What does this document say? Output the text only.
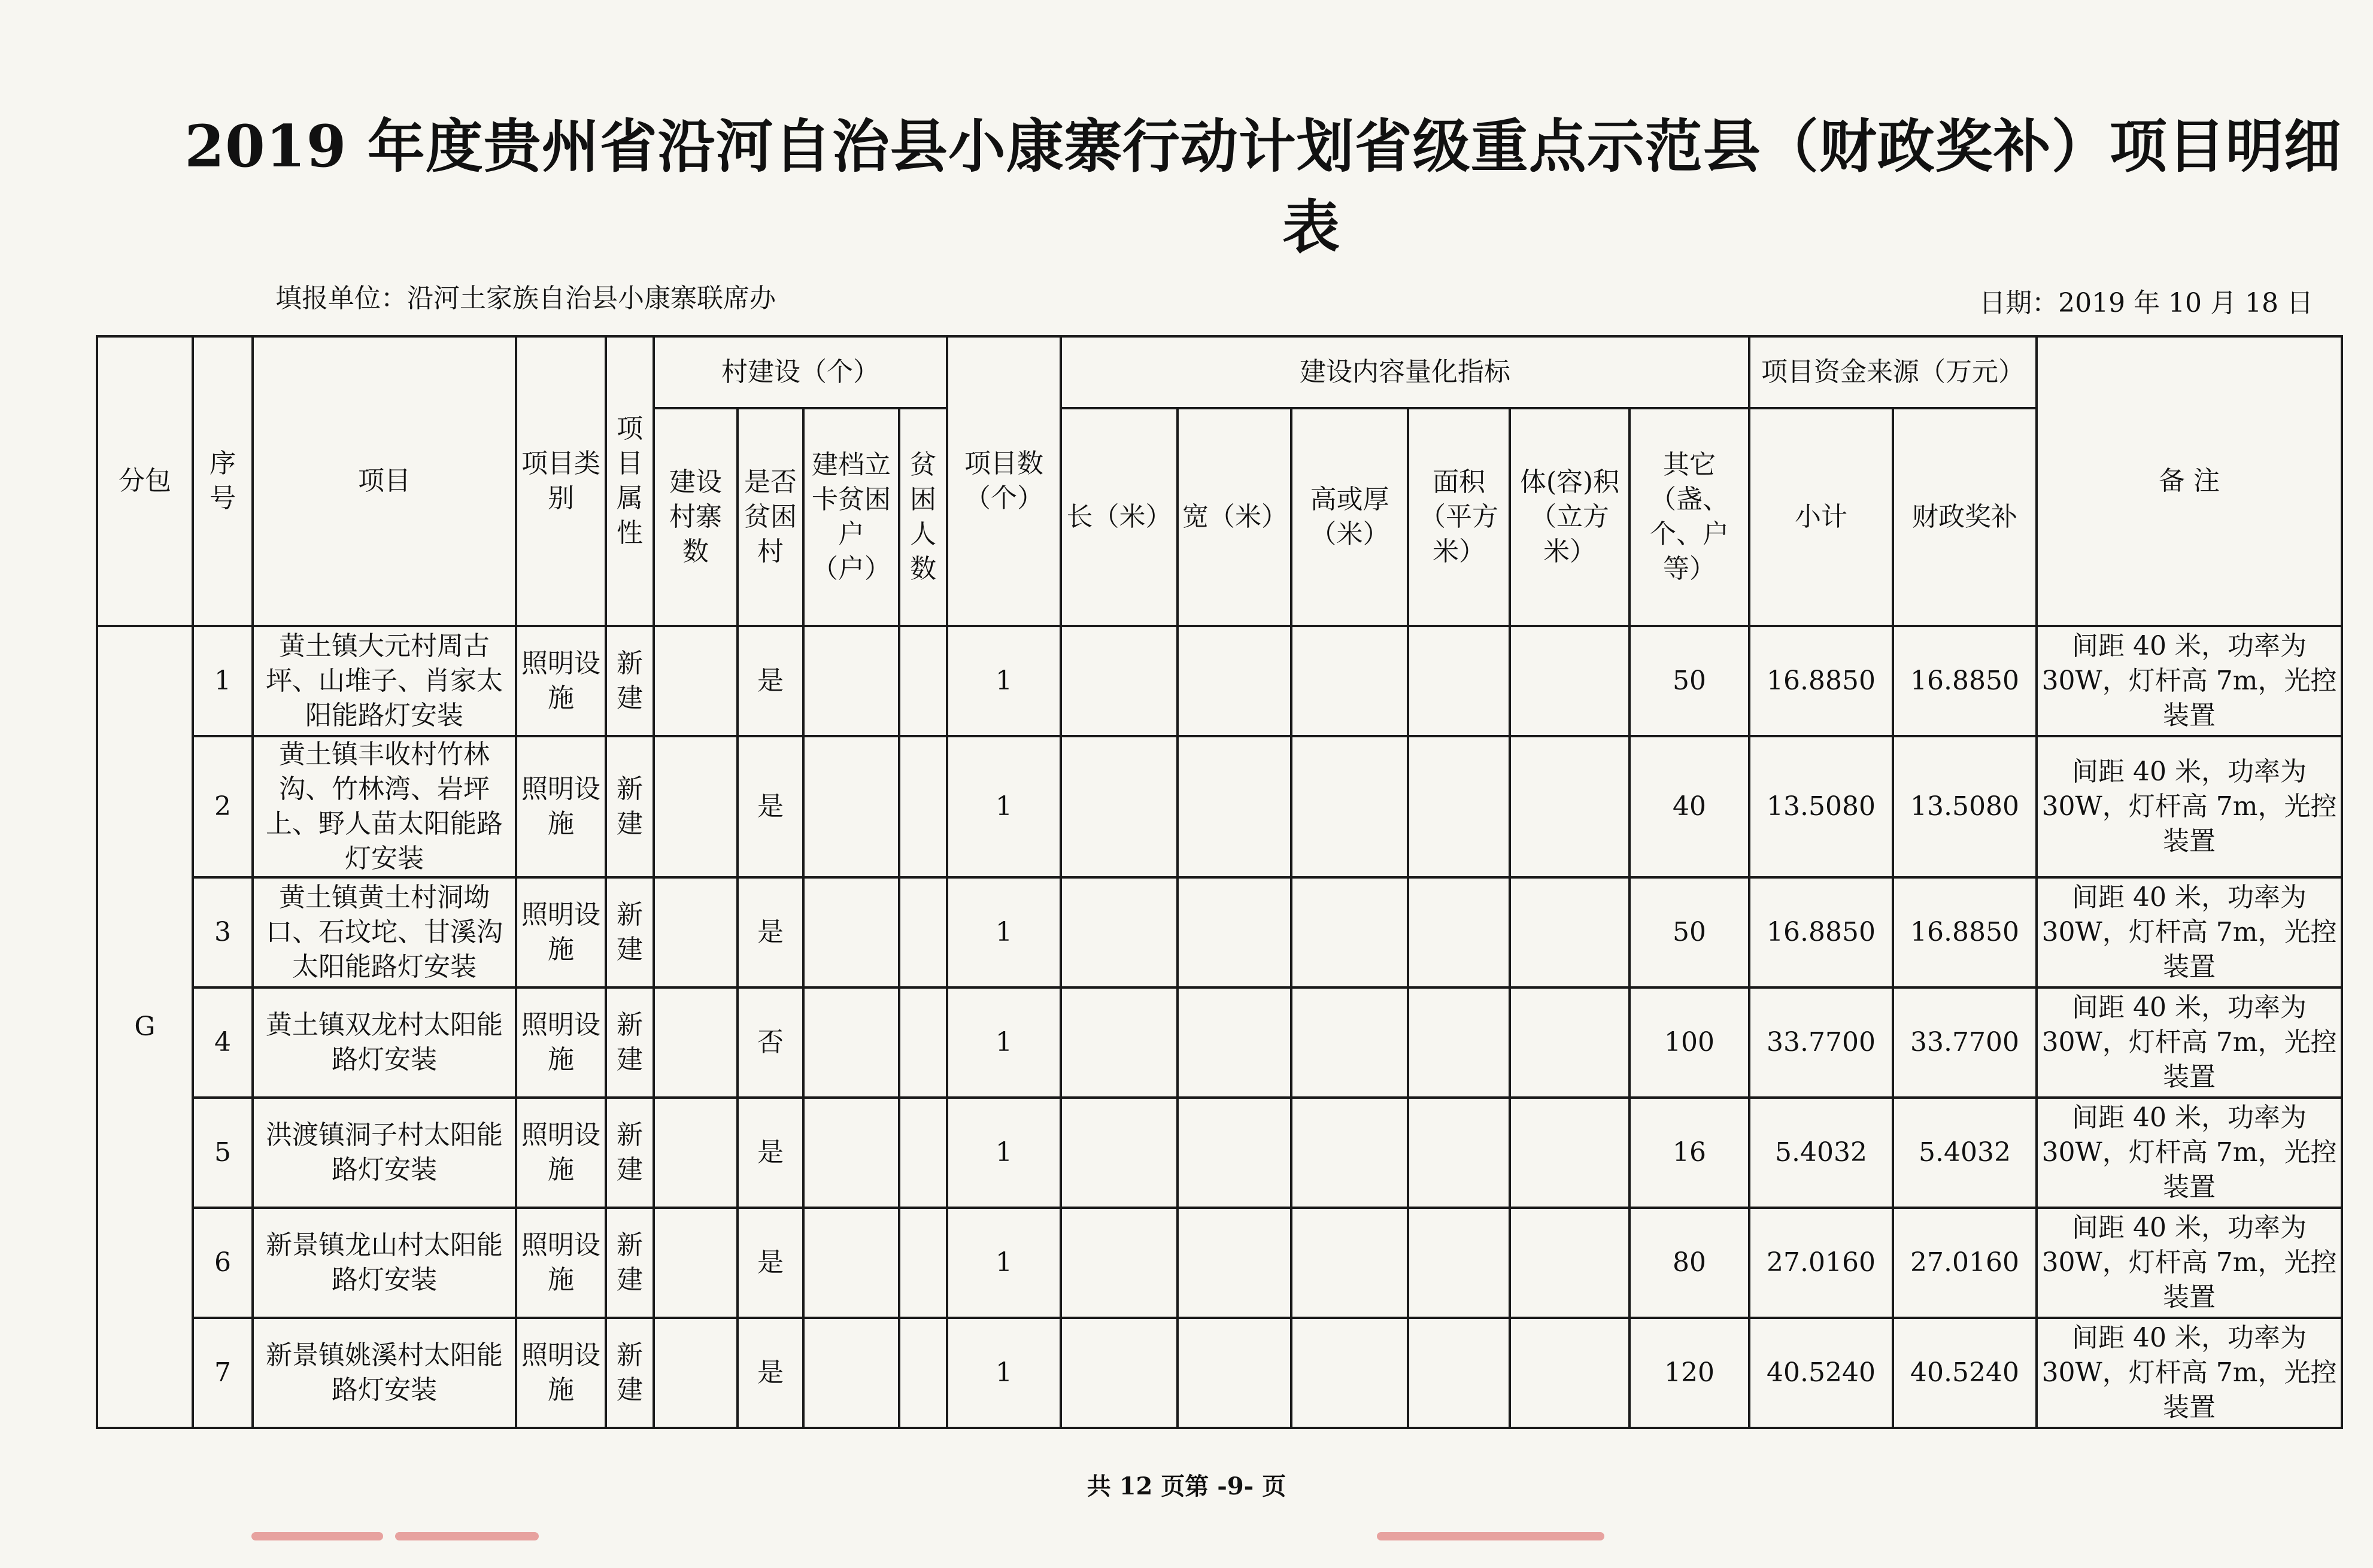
2019 年度贵州省沿河自治县小康寨行动计划省级重点示范县（财政奖补）项目明细
表
填报单位：沿河土家族自治县小康寨联席办	日期：2019 年 10 月 18 日
分包	序号	项目	项目类别	项目属性	村建设（个）				项目数（个）	建设内容量化指标						项目资金来源（万元）		备 注
					建设村寨数	是否贫困村	建档立卡贫困户（户）	贫困人数		长（米）	宽（米）	高或厚（米）	面积（平方米）	体(容)积（立方米）	其它（盏、个、户等）	小计	财政奖补	
G	1	黄土镇大元村周古坪、山堆子、肖家太阳能路灯安装	照明设施	新建		是			1						50	16.8850	16.8850	间距 40 米，功率为 30W，灯杆高 7m，光控装置
	2	黄土镇丰收村竹林沟、竹林湾、岩坪上、野人苗太阳能路灯安装	照明设施	新建		是			1						40	13.5080	13.5080	间距 40 米，功率为 30W，灯杆高 7m，光控装置
	3	黄土镇黄土村洞坳口、石坟坨、甘溪沟太阳能路灯安装	照明设施	新建		是			1						50	16.8850	16.8850	间距 40 米，功率为 30W，灯杆高 7m，光控装置
	4	黄土镇双龙村太阳能路灯安装	照明设施	新建		否			1						100	33.7700	33.7700	间距 40 米，功率为 30W，灯杆高 7m，光控装置
	5	洪渡镇洞子村太阳能路灯安装	照明设施	新建		是			1						16	5.4032	5.4032	间距 40 米，功率为 30W，灯杆高 7m，光控装置
	6	新景镇龙山村太阳能路灯安装	照明设施	新建		是			1						80	27.0160	27.0160	间距 40 米，功率为 30W，灯杆高 7m，光控装置
	7	新景镇姚溪村太阳能路灯安装	照明设施	新建		是			1						120	40.5240	40.5240	间距 40 米，功率为 30W，灯杆高 7m，光控装置
共 12 页第 -9- 页
